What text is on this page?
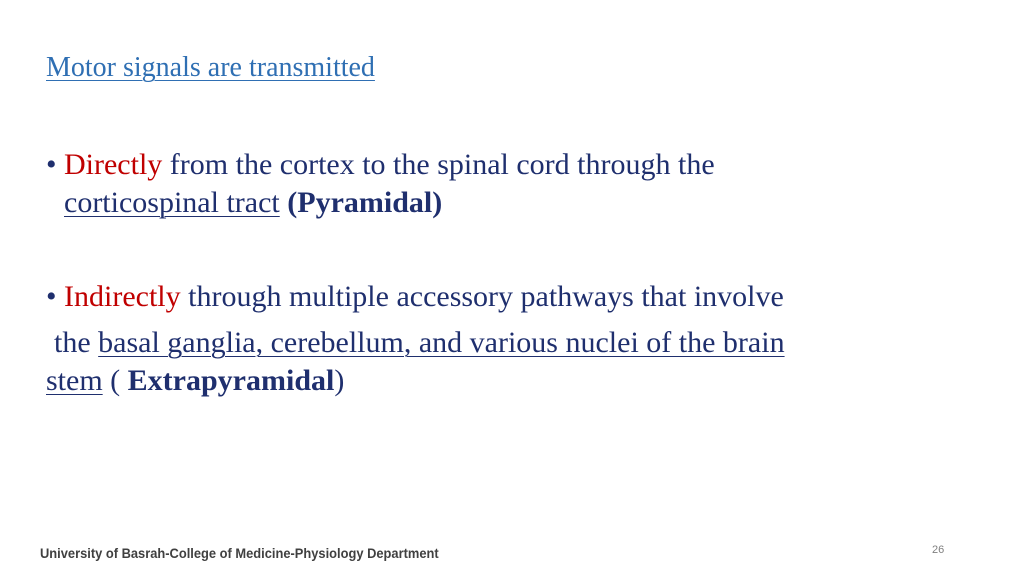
Motor signals are transmitted
• Directly from the cortex to the spinal cord through the
corticospinal tract (Pyramidal)
• Indirectly through multiple accessory pathways that involve
the basal ganglia, cerebellum, and various nuclei of the brain
stem ( Extrapyramidal)
University of Basrah-College of Medicine-Physiology Department	26
